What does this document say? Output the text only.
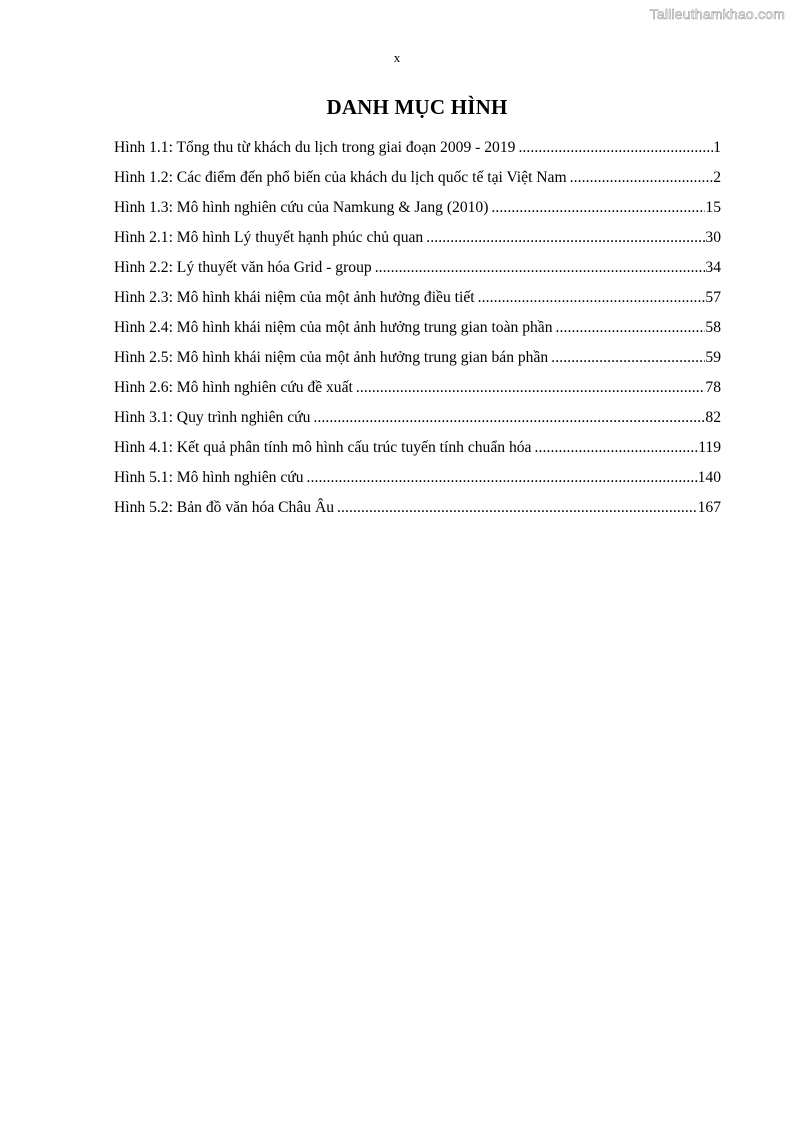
Tailieuthamkhao.com
x
DANH MỤC HÌNH
Hình 1.1: Tổng thu từ khách du lịch trong giai đoạn 2009 - 2019 .....	1
Hình 1.2: Các điểm đến phổ biến của khách du lịch quốc tế tại Việt Nam .....	2
Hình 1.3: Mô hình nghiên cứu của Namkung & Jang (2010) .....	15
Hình 2.1: Mô hình Lý thuyết hạnh phúc chủ quan .....	30
Hình 2.2: Lý thuyết văn hóa Grid - group .....	34
Hình 2.3: Mô hình khái niệm của một ảnh hưởng điều tiết .....	57
Hình 2.4: Mô hình khái niệm của một ảnh hưởng trung gian toàn phần .....	58
Hình 2.5: Mô hình khái niệm của một ảnh hưởng trung gian bán phần .....	59
Hình 2.6: Mô hình nghiên cứu đề xuất .....	78
Hình 3.1: Quy trình nghiên cứu .....	82
Hình 4.1: Kết quả phân tính mô hình cấu trúc tuyến tính chuẩn hóa .....	119
Hình 5.1: Mô hình nghiên cứu .....	140
Hình 5.2: Bản đồ văn hóa Châu Âu .....	167
